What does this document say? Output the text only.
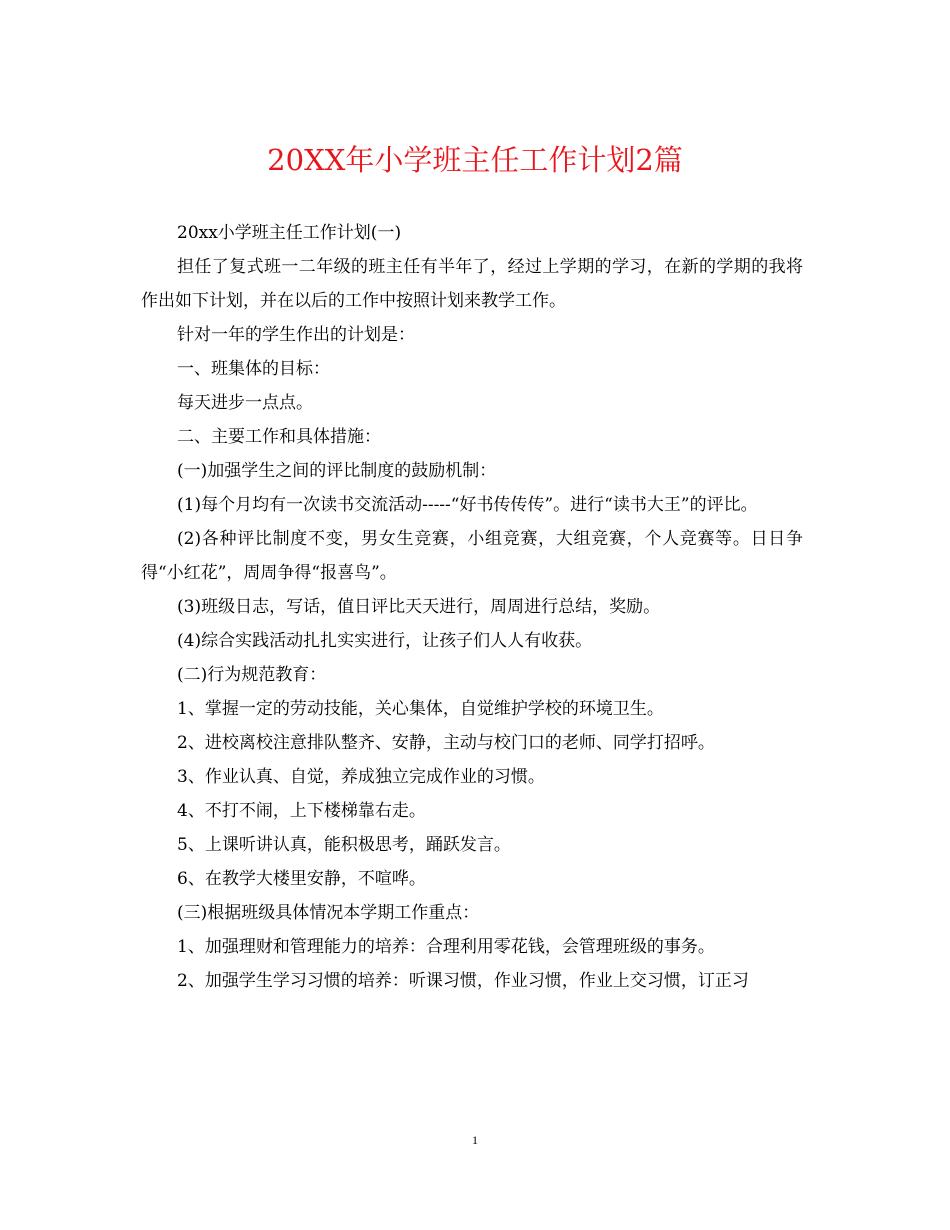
20XX年小学班主任工作计划2篇

20xx小学班主任工作计划(一)

担任了复式班一二年级的班主任有半年了，经过上学期的学习，在新的学期的我将作出如下计划，并在以后的工作中按照计划来教学工作。

针对一年的学生作出的计划是：

一、班集体的目标：

每天进步一点点。

二、主要工作和具体措施：

(一)加强学生之间的评比制度的鼓励机制：

(1)每个月均有一次读书交流活动-----“好书传传传”。进行“读书大王”的评比。

(2)各种评比制度不变，男女生竞赛，小组竞赛，大组竞赛，个人竞赛等。日日争得“小红花”，周周争得“报喜鸟”。

(3)班级日志，写话，值日评比天天进行，周周进行总结，奖励。

(4)综合实践活动扎扎实实进行，让孩子们人人有收获。

(二)行为规范教育：

1、掌握一定的劳动技能，关心集体，自觉维护学校的环境卫生。

2、进校离校注意排队整齐、安静，主动与校门口的老师、同学打招呼。

3、作业认真、自觉，养成独立完成作业的习惯。

4、不打不闹，上下楼梯靠右走。

5、上课听讲认真，能积极思考，踊跃发言。

6、在教学大楼里安静，不喧哗。

(三)根据班级具体情况本学期工作重点：

1、加强理财和管理能力的培养：合理利用零花钱，会管理班级的事务。

2、加强学生学习习惯的培养：听课习惯，作业习惯，作业上交习惯，订正习

1
